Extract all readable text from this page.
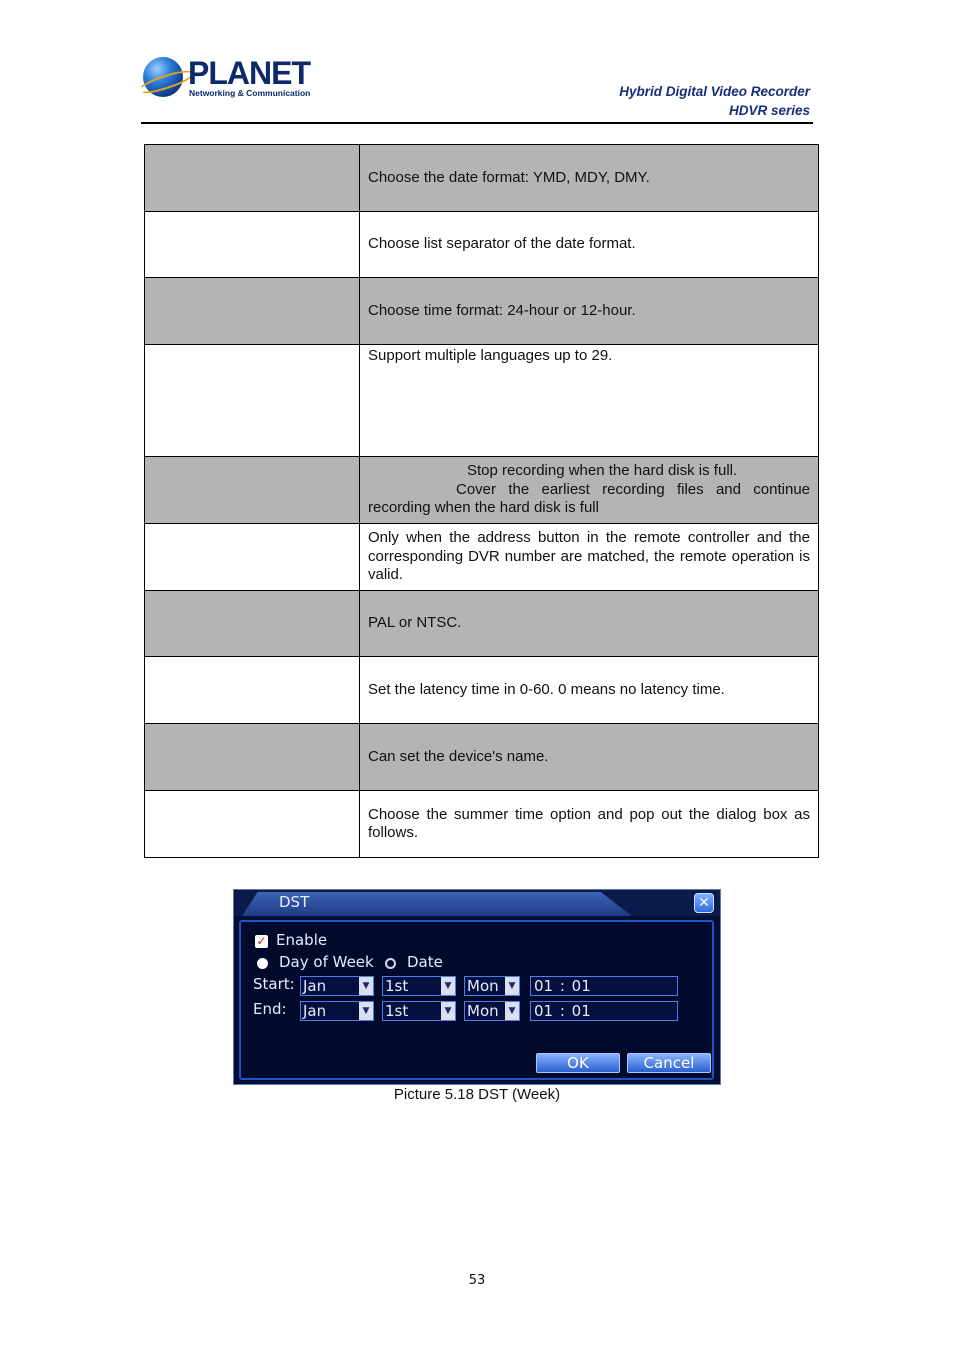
PLANET
Networking & Communication	Hybrid Digital Video Recorder
HDVR series
	Choose the date format: YMD, MDY, DMY.
	Choose list separator of the date format.
	Choose time format: 24-hour or 12-hour.
	Support multiple languages up to 29.

	Stop recording when the hard disk is full.
Cover the earliest recording files and continue recording when the hard disk is full
	Only when the address button in the remote controller and the corresponding DVR number are matched, the remote operation is valid.
	PAL or NTSC.
	Set the latency time in 0-60. 0 means no latency time.
	Can set the device's name.
	Choose the summer time option and pop out the dialog box as follows.
DST	✕
✓ Enable
Day of Week Date
Start: Jan	▼ 1st	▼ Mon	▼ 01 : 01
End: Jan	▼ 1st	▼ Mon	▼ 01 : 01
OK	Cancel
Picture 5.18 DST (Week)
53
